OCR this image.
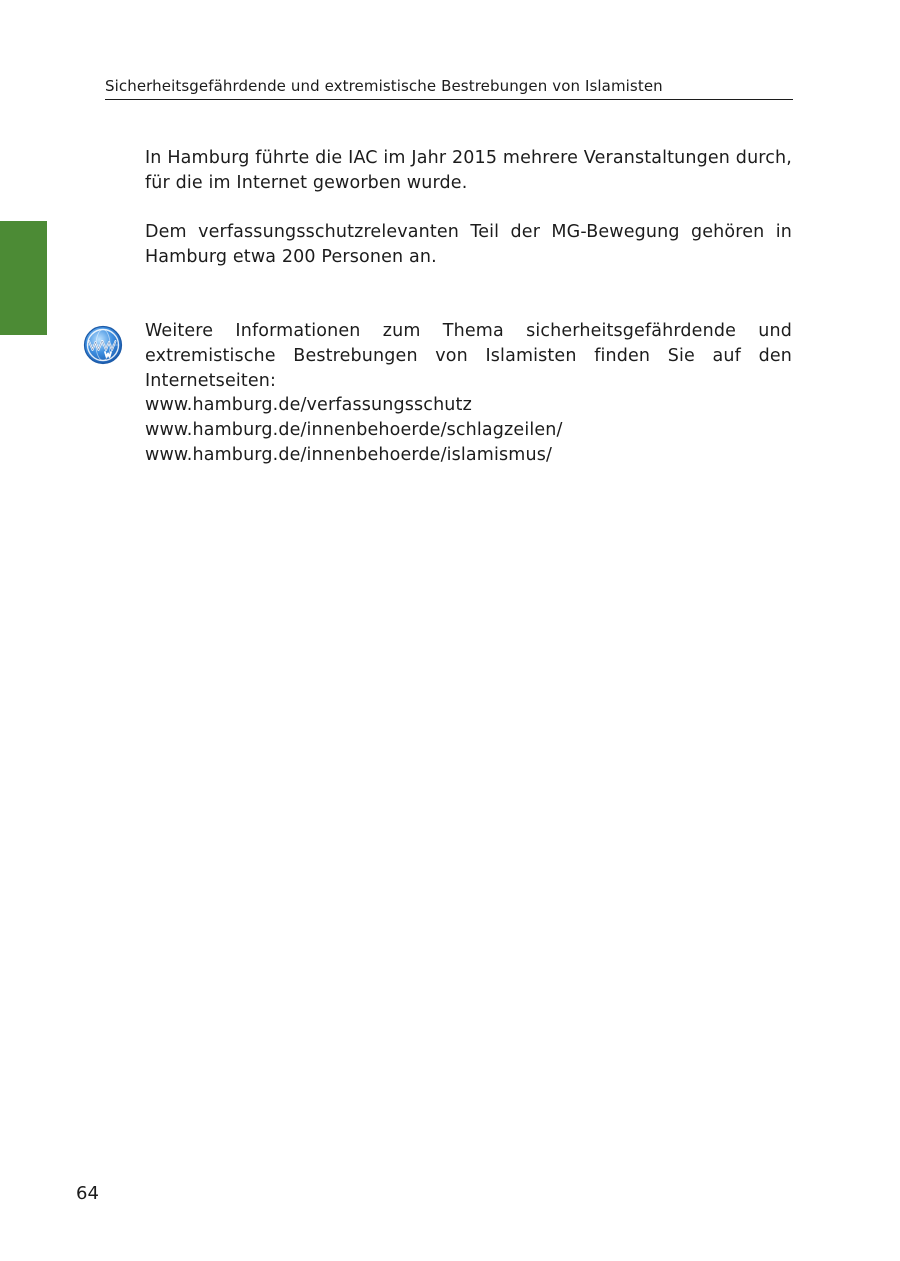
Sicherheitsgefährdende und extremistische Bestrebungen von Islamisten

In Hamburg führte die IAC im Jahr 2015 mehrere Veranstaltungen durch, für die im Internet geworben wurde.

Dem verfassungsschutzrelevanten Teil der MG-Bewegung gehören in Hamburg etwa 200 Personen an.

Weitere Informationen zum Thema sicherheitsgefährdende und extremistische Bestrebungen von Islamisten finden Sie auf den Internetseiten:

www.hamburg.de/verfassungsschutz
www.hamburg.de/innenbehoerde/schlagzeilen/
www.hamburg.de/innenbehoerde/islamismus/
64
